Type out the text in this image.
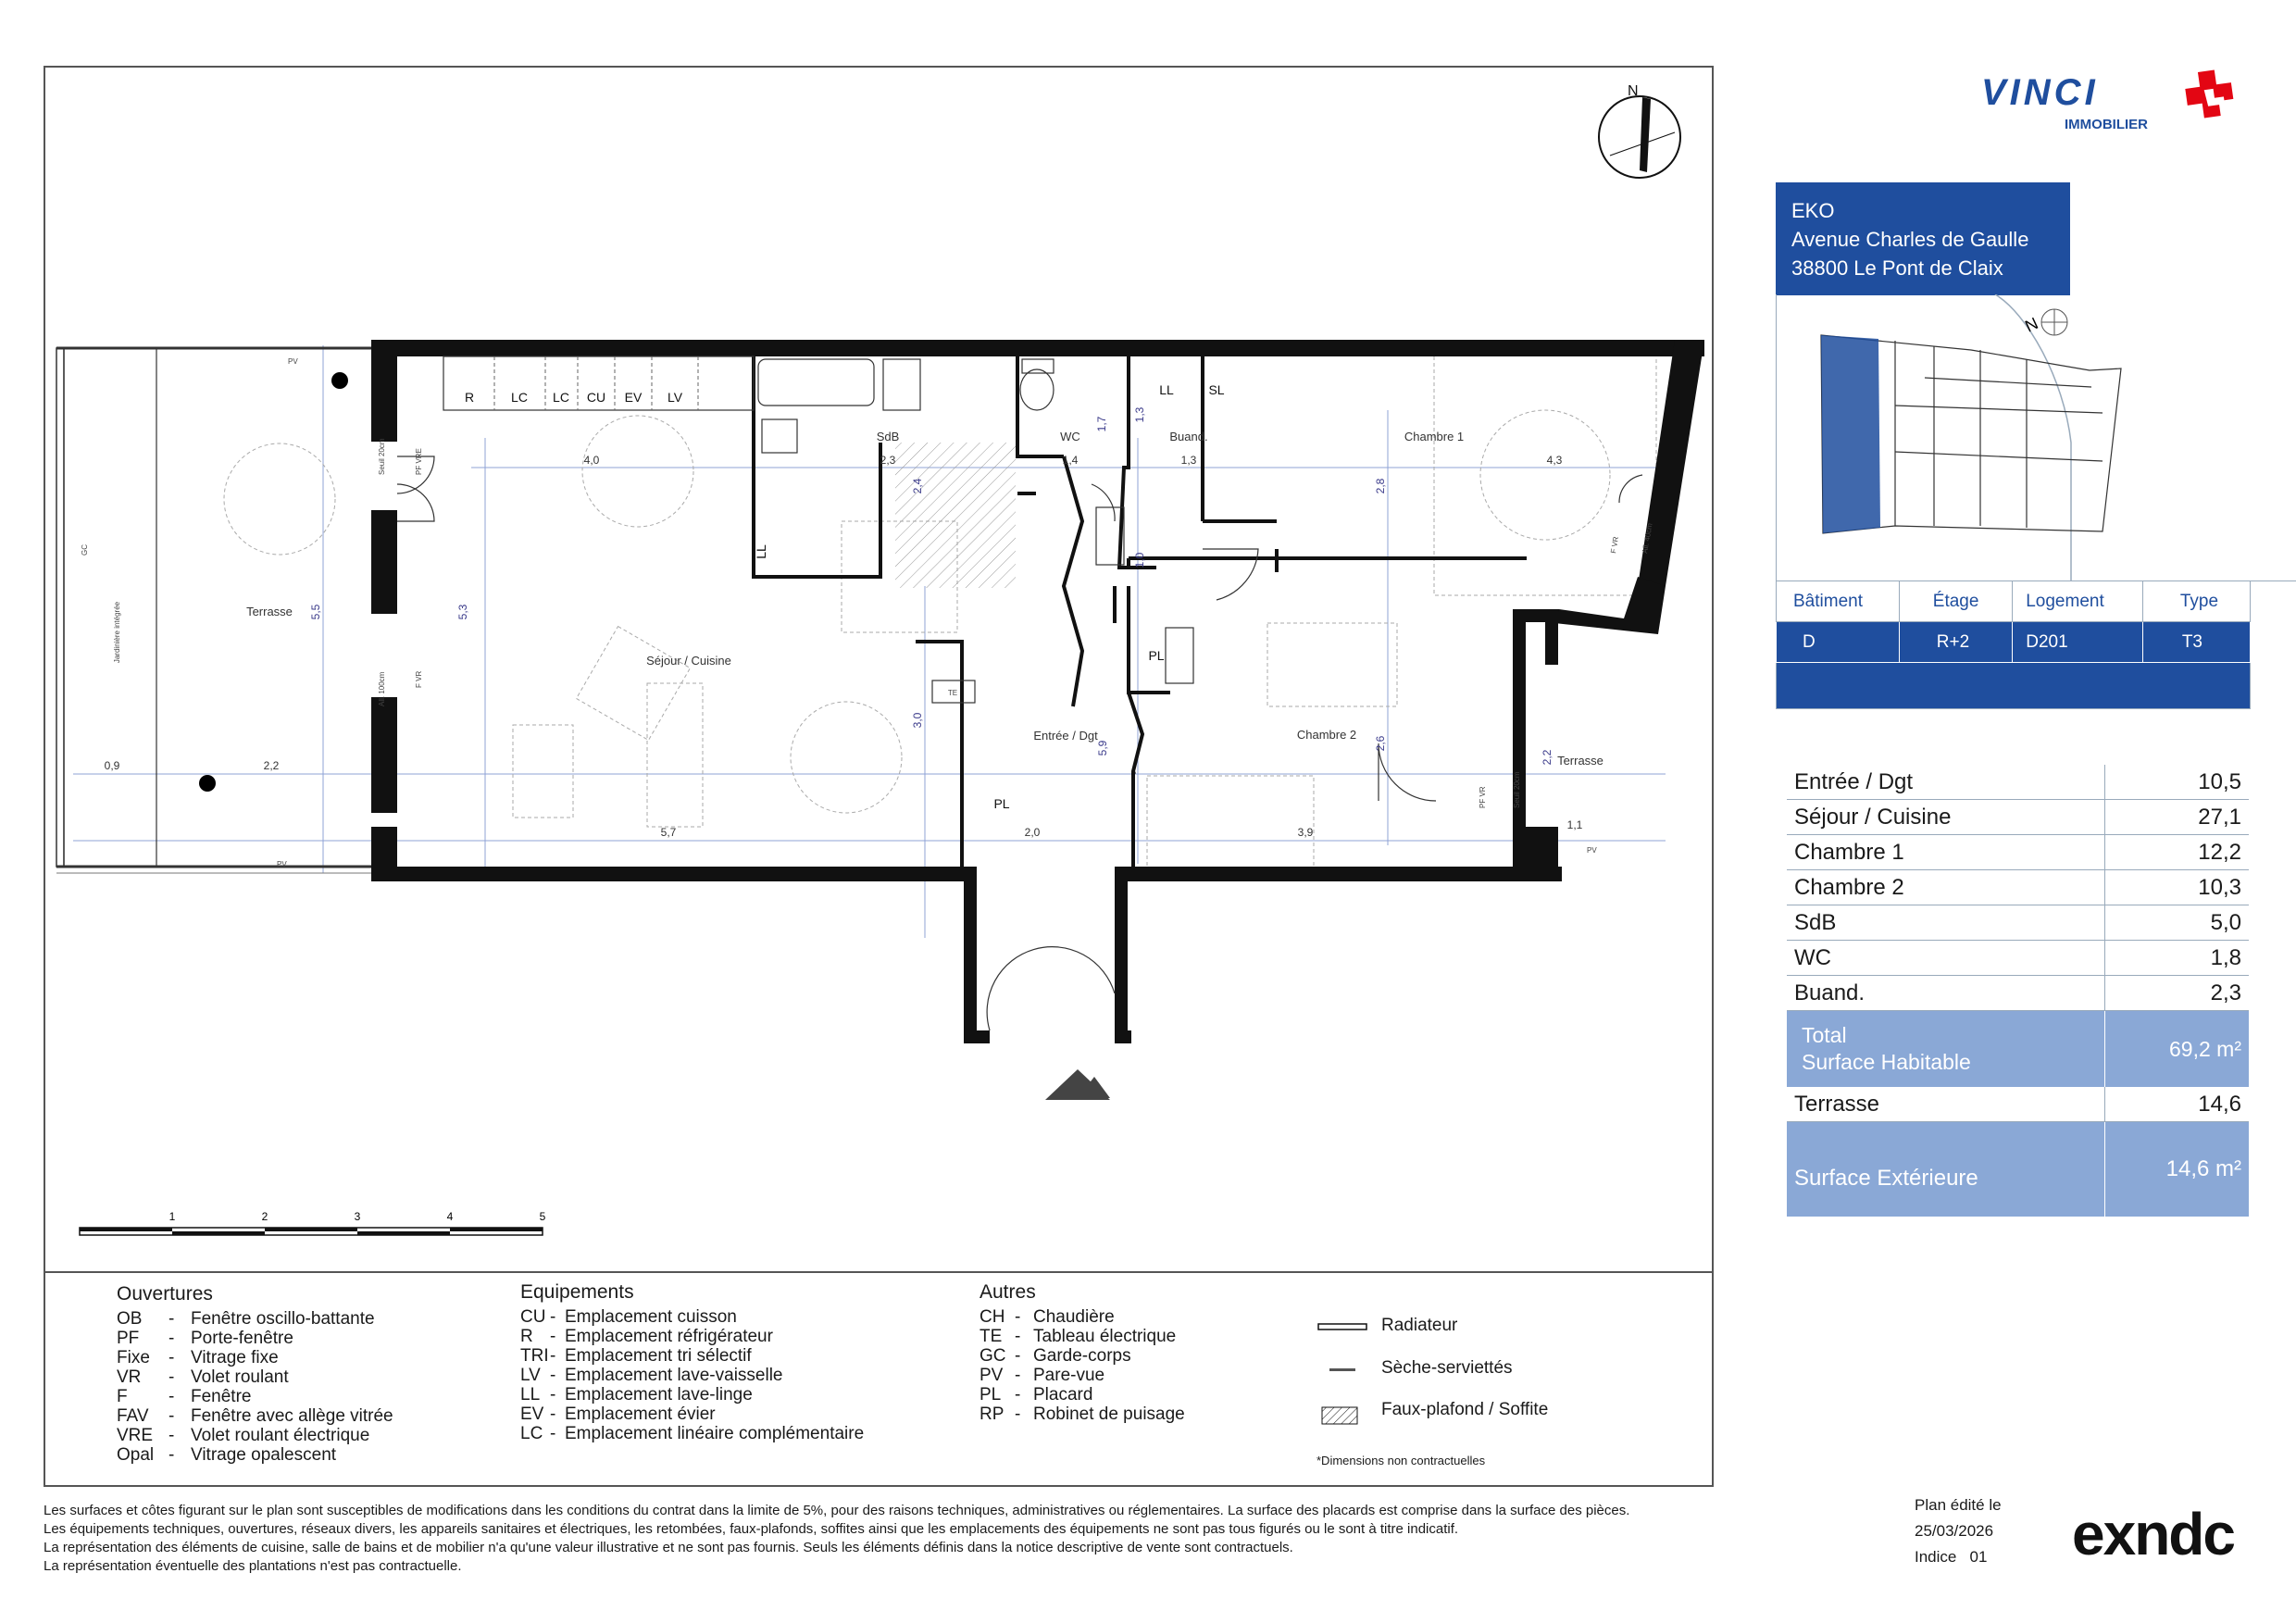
Séjour / Cuisine
Terrasse
SdB	WC	Buand.	Chambre 1
Chambre 2
Entrée / Dgt
Terrasse
R	LC LC CU EV LV	LL	SL
LL
PL
PL
TE
4,0	2,3	1,4	1,3	4,3
5,5	5,3
2,4
1,7
1,3
2,8
1,0
3,0
5,9	2,6
2,2
0,9	2,2
5,7	2,0	3,9
1,1
PV
PV
GC
Jardinière intégrée
Seuil 20cm	PF VRE
All. 100cm	F VR
PF VR	Seuil 20cm
F VR	All. 40cm
PV
N
1	2	3	4	5
VINCI
IMMOBILIER
EKO
Avenue Charles de Gaulle
38800 Le Pont de Claix
N
Bâtiment	Étage	Logement	Type
D	R+2	D201	T3

Entrée / Dgt	10,5
Séjour / Cuisine	27,1
Chambre 1	12,2
Chambre 2	10,3
SdB	5,0
WC	1,8
Buand.	2,3

Total
Surface Habitable	69,2 m²
Terrasse	14,6
Surface Extérieure	14,6 m²
Ouvertures
OB - Fenêtre oscillo-battante
PF - Porte-fenêtre
Fixe - Vitrage fixe
VR - Volet roulant
F - Fenêtre
FAV - Fenêtre avec allège vitrée
VRE - Volet roulant électrique
Opal - Vitrage opalescent
Equipements
CU - Emplacement cuisson
R - Emplacement réfrigérateur
TRI- Emplacement tri sélectif
LV - Emplacement lave-vaisselle
LL - Emplacement lave-linge
EV - Emplacement évier
LC - Emplacement linéaire complémentaire
Autres
CH - Chaudière
TE - Tableau électrique
GC - Garde-corps
PV - Pare-vue
PL - Placard
RP - Robinet de puisage
Radiateur
Sèche-serviettés
Faux-plafond / Soffite
*Dimensions non contractuelles
Les surfaces et côtes figurant sur le plan sont susceptibles de modifications dans les conditions du contrat dans la limite de 5%, pour des raisons techniques, administratives ou réglementaires. La surface des placards est comprise dans la surface des pièces.
Les équipements techniques, ouvertures, réseaux divers, les appareils sanitaires et électriques, les retombées, faux-plafonds, soffites ainsi que les emplacements des équipements ne sont pas tous figurés ou le sont à titre indicatif.
La représentation des éléments de cuisine, salle de bains et de mobilier n'a qu'une valeur illustrative et ne sont pas fournis. Seuls les éléments définis dans la notice descriptive de vente sont contractuels.
La représentation éventuelle des plantations n'est pas contractuelle.
Plan édité le
25/03/2026
Indice   01 exndc
